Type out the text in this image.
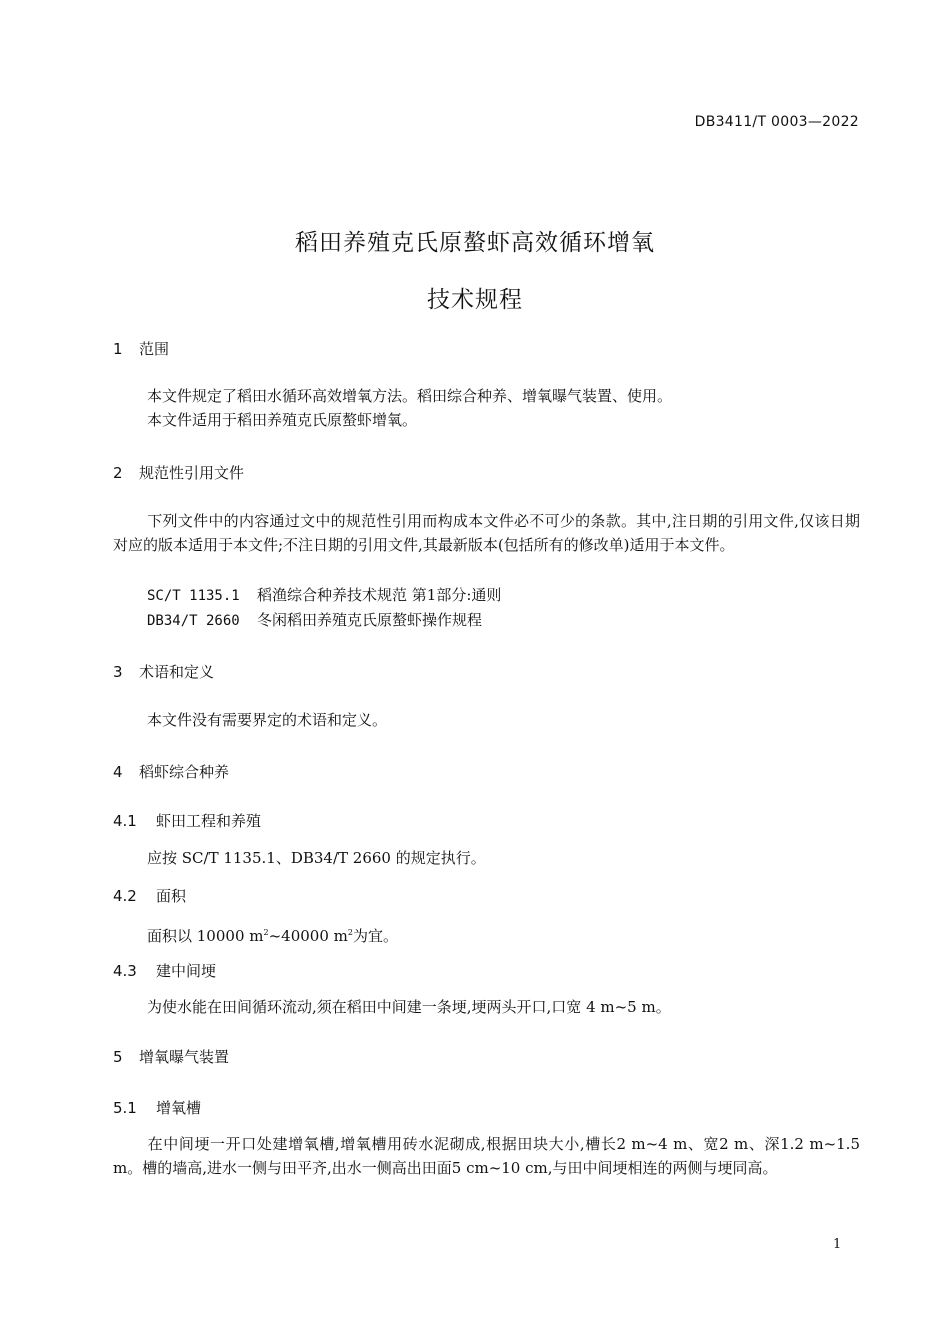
DB3411/T 0003—2022
稻田养殖克氏原螯虾高效循环增氧
技术规程
1 范围
本文件规定了稻田水循环高效增氧方法。稻田综合种养、增氧曝气装置、使用。
本文件适用于稻田养殖克氏原螯虾增氧。
2 规范性引用文件
下列文件中的内容通过文中的规范性引用而构成本文件必不可少的条款。其中,注日期的引用文件,仅该日期对应的版本适用于本文件;不注日期的引用文件,其最新版本(包括所有的修改单)适用于本文件。
SC/T 1135.1 稻渔综合种养技术规范 第1部分:通则
DB34/T 2660 冬闲稻田养殖克氏原螯虾操作规程
3 术语和定义
本文件没有需要界定的术语和定义。
4 稻虾综合种养
4.1 虾田工程和养殖
应按 SC/T 1135.1、DB34/T 2660 的规定执行。
4.2 面积
面积以 10000 $m^2\sim 40000$ $m^2$为宜。
4.3 建中间埂
为使水能在田间循环流动,须在稻田中间建一条埂,埂两头开口,口宽 4 m~5 m。
5 增氧曝气装置
5.1 增氧槽
在中间埂一开口处建增氧槽,增氧槽用砖水泥砌成,根据田块大小,槽长2 m~4 m、宽2 m、深1.2 m~1.5 m。槽的墙高,进水一侧与田平齐,出水一侧高出田面5 cm~10 cm,与田中间埂相连的两侧与埂同高。
1
